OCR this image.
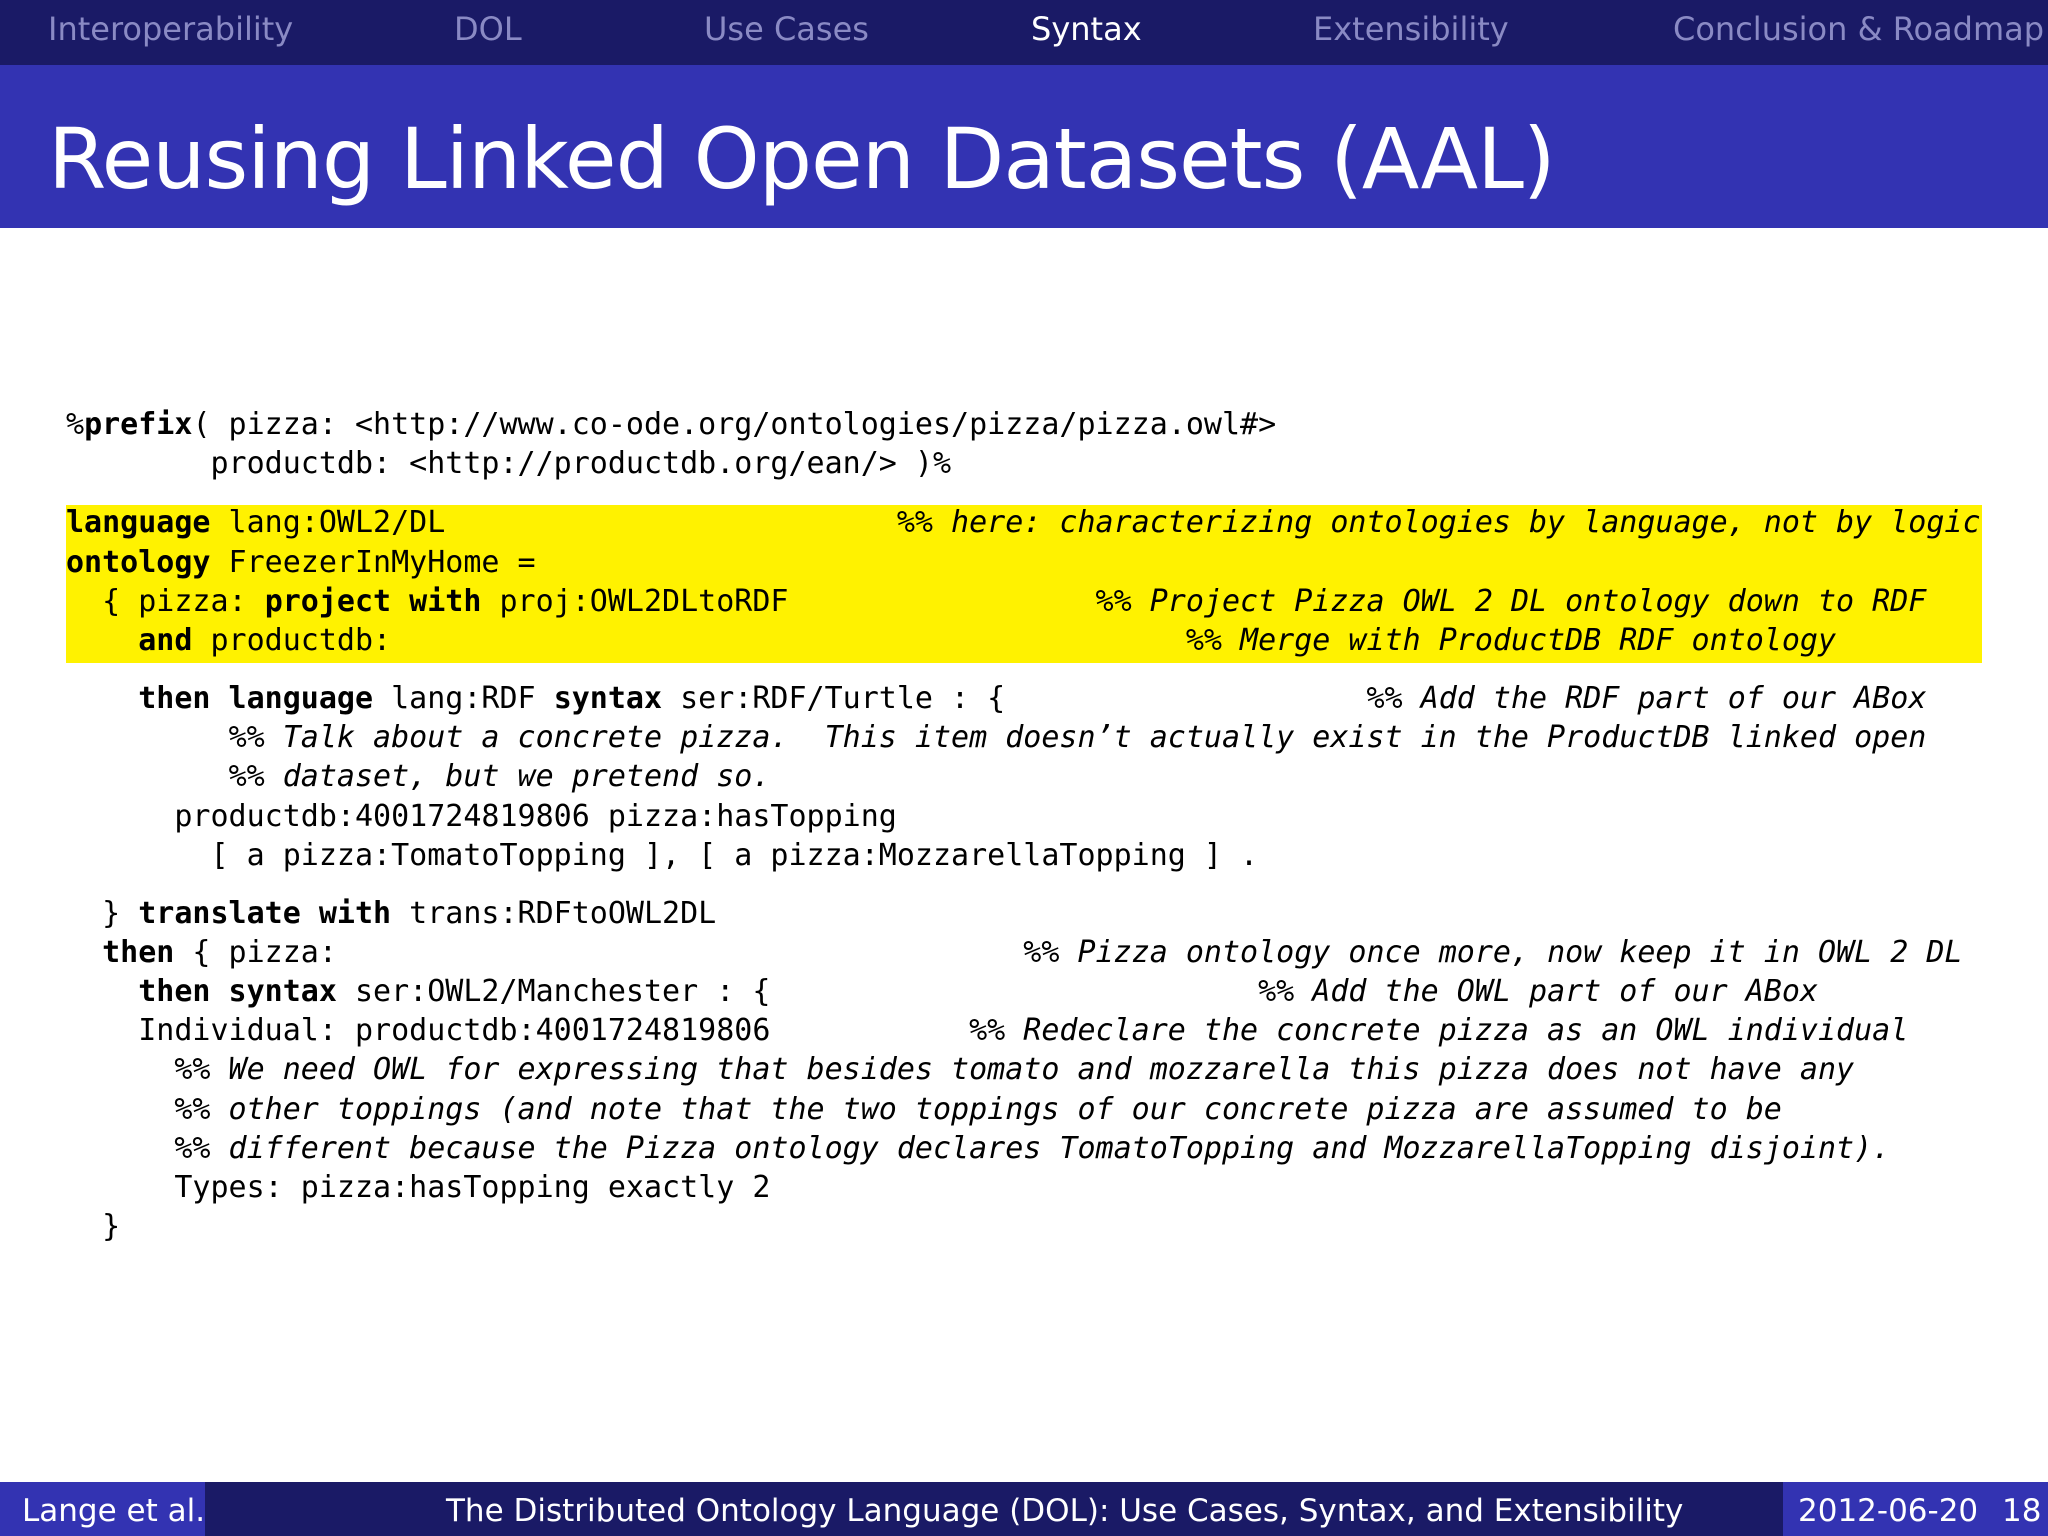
Interoperability	DOL	Use Cases	Syntax	Extensibility	Conclusion & Roadmap
Reusing Linked Open Datasets (AAL)
%prefix( pizza: <http://www.co-ode.org/ontologies/pizza/pizza.owl#>
productdb: <http://productdb.org/ean/> )%
language lang:OWL2/DL                         %% here: characterizing ontologies by language, not by logic
ontology FreezerInMyHome =
{ pizza: project with proj:OWL2DLtoRDF                 %% Project Pizza OWL 2 DL ontology down to RDF
and productdb:                                            %% Merge with ProductDB RDF ontology
then language lang:RDF syntax ser:RDF/Turtle : {                    %% Add the RDF part of our ABox
%% Talk about a concrete pizza.  This item doesn’t actually exist in the ProductDB linked open
%% dataset, but we pretend so.
productdb:4001724819806 pizza:hasTopping
[ a pizza:TomatoTopping ], [ a pizza:MozzarellaTopping ] .
} translate with trans:RDFtoOWL2DL
then { pizza:                                      %% Pizza ontology once more, now keep it in OWL 2 DL
then syntax ser:OWL2/Manchester : {                           %% Add the OWL part of our ABox
Individual: productdb:4001724819806           %% Redeclare the concrete pizza as an OWL individual
%% We need OWL for expressing that besides tomato and mozzarella this pizza does not have any
%% other toppings (and note that the two toppings of our concrete pizza are assumed to be
%% different because the Pizza ontology declares TomatoTopping and MozzarellaTopping disjoint).
Types: pizza:hasTopping exactly 2
}
Lange et al.	The Distributed Ontology Language (DOL): Use Cases, Syntax, and Extensibility	2012-06-20 18
